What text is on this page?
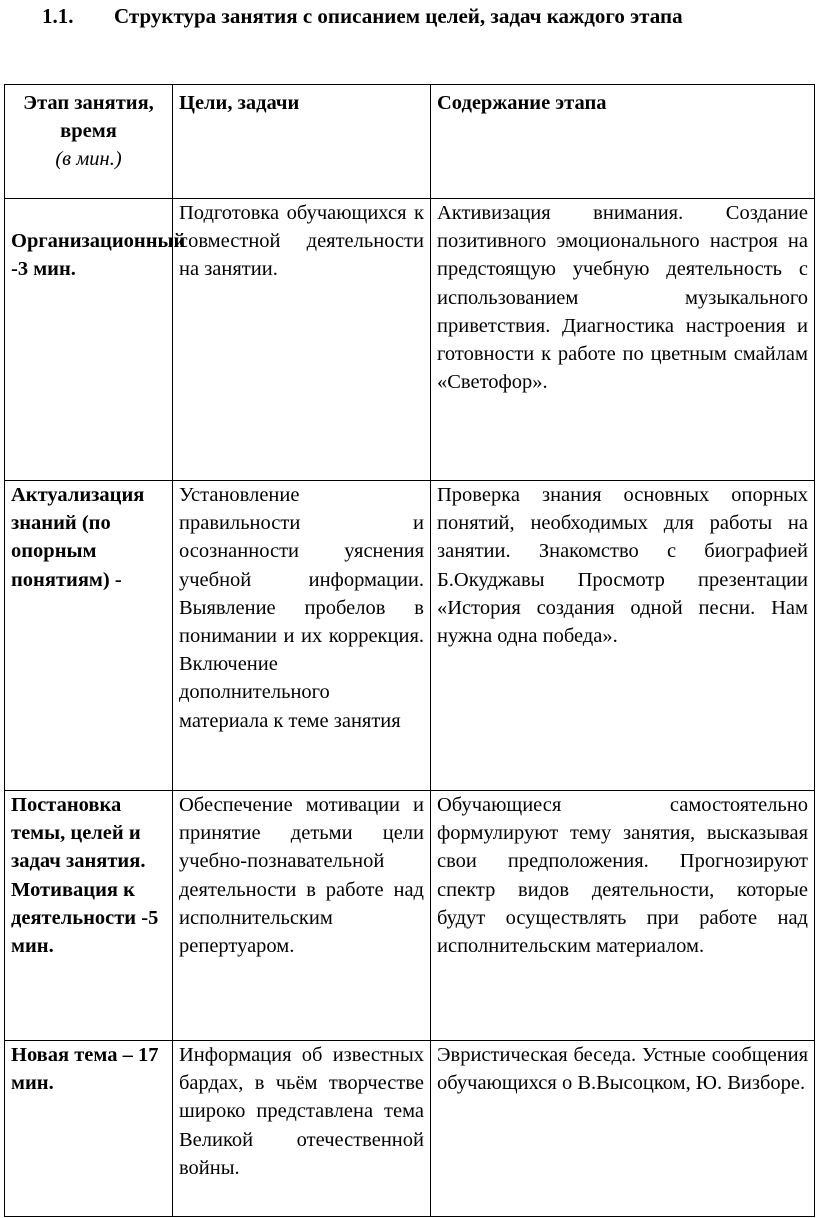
1.1. Структура занятия с описанием целей, задач каждого этапа
Этап занятия, время
(в мин.)	Цели, задачи	Содержание этапа
Организационный -3 мин.	Подготовка обучающихся к совместной деятельности на занятии.	Активизация внимания. Создание позитивного эмоционального настроя на предстоящую учебную деятельность с использованием музыкального приветствия. Диагностика настроения и готовности к работе по цветным смайлам «Светофор».
Актуализация знаний (по опорным понятиям) -	Установление правильности и осознанности уяснения учебной информации. Выявление пробелов в понимании и их коррекция. Включение дополнительного материала к теме занятия	Проверка знания основных опорных понятий, необходимых для работы на занятии. Знакомство с биографией Б.Окуджавы Просмотр презентации «История создания одной песни. Нам нужна одна победа».
Постановка темы, целей и задач занятия. Мотивация к деятельности -5 мин.	Обеспечение мотивации и принятие детьми цели учебно-познавательной деятельности в работе над исполнительским репертуаром.	Обучающиеся самостоятельно формулируют тему занятия, высказывая свои предположения. Прогнозируют спектр видов деятельности, которые будут осуществлять при работе над исполнительским материалом.
Новая тема – 17 мин.	Информация об известных бардах, в чьём творчестве широко представлена тема Великой отечественной войны.	Эвристическая беседа. Устные сообщения обучающихся о В.Высоцком, Ю. Визборе.
